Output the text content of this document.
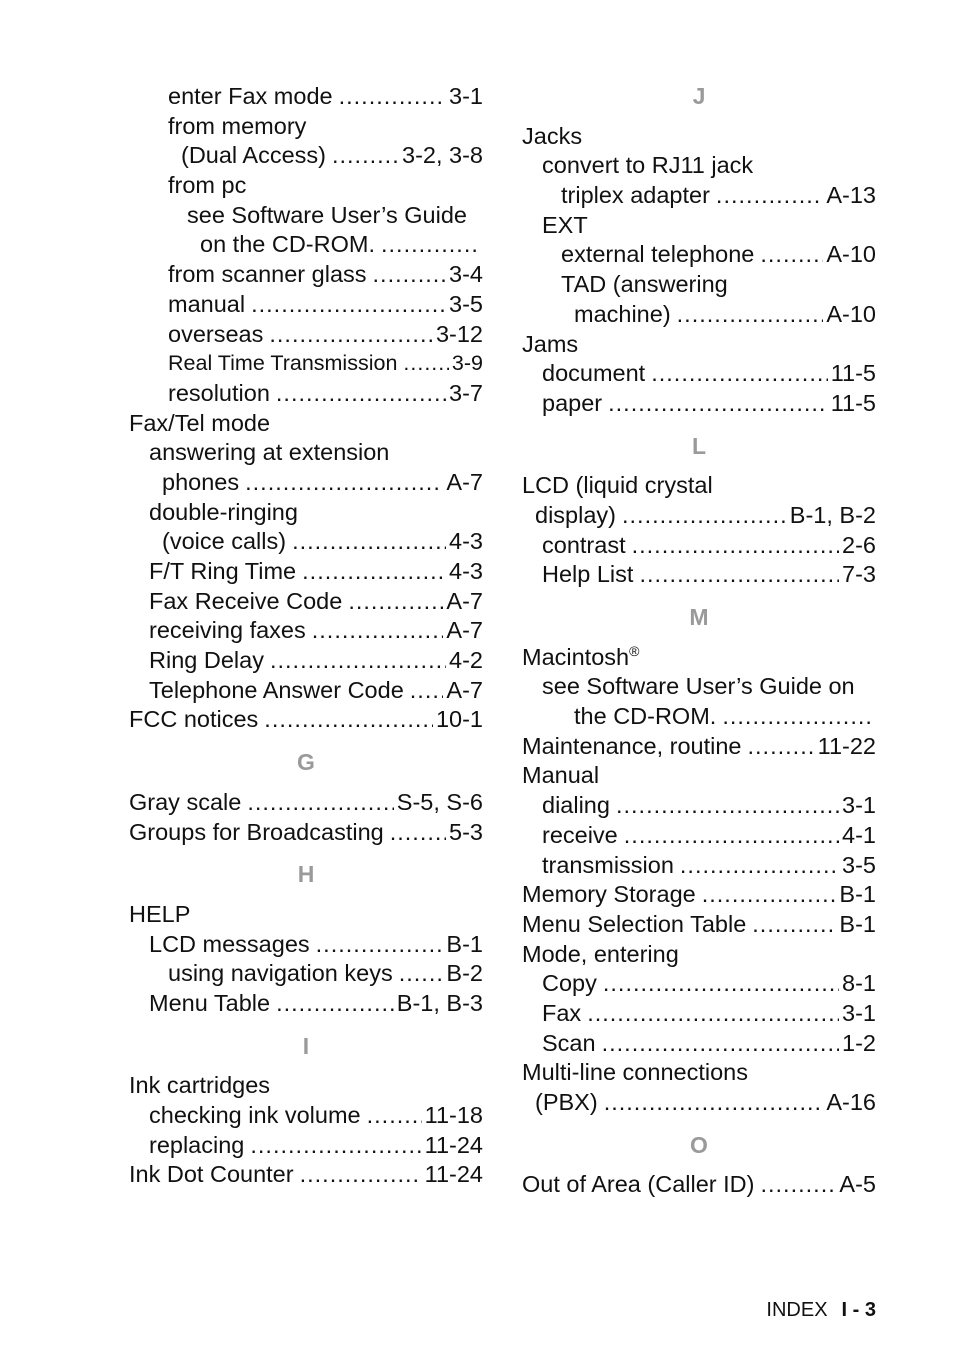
enter Fax mode .....	3-1
from memory
(Dual Access) .....	3-2, 3-8
from pc
see Software User’s Guide
on the CD-ROM.
.....
from scanner glass .....	3-4
manual .....	3-5
overseas .....	3-12
Real Time Transmission .....	3-9
resolution .....	3-7
Fax/Tel mode
answering at extension
phones .....	A-7
double-ringing
(voice calls) .....	4-3
F/T Ring Time .....	4-3
Fax Receive Code .....	A-7
receiving faxes .....	A-7
Ring Delay .....	4-2
Telephone Answer Code ..... A-7
FCC notices .....	10-1
G
Gray scale .....	S-5, S-6
Groups for Broadcasting .....	5-3
H
HELP
LCD messages .....	B-1
using navigation keys ..... B-2
Menu Table .....	B-1, B-3
I
Ink cartridges
checking ink volume .....	11-18
replacing .....	11-24
Ink Dot Counter .....	11-24
J
Jacks
convert to RJ11 jack
triplex adapter .....	A-13
EXT
external telephone .....	A-10
TAD (answering
machine) .....	A-10
Jams
document .....	11-5
paper .....	11-5
L
LCD (liquid crystal
display) .....	B-1, B-2
contrast .....	2-6
Help List .....	7-3
M
Macintosh®
see Software User’s Guide on
the CD-ROM.
.....
Maintenance, routine .....	11-22
Manual
dialing .....	3-1
receive .....	4-1
transmission .....	3-5
Memory Storage .....	B-1
Menu Selection Table .....	B-1
Mode, entering
Copy .....	8-1
Fax .....	3-1
Scan .....	1-2
Multi-line connections
(PBX) .....	A-16
O
Out of Area (Caller ID) .....	A-5
INDEX I - 3
